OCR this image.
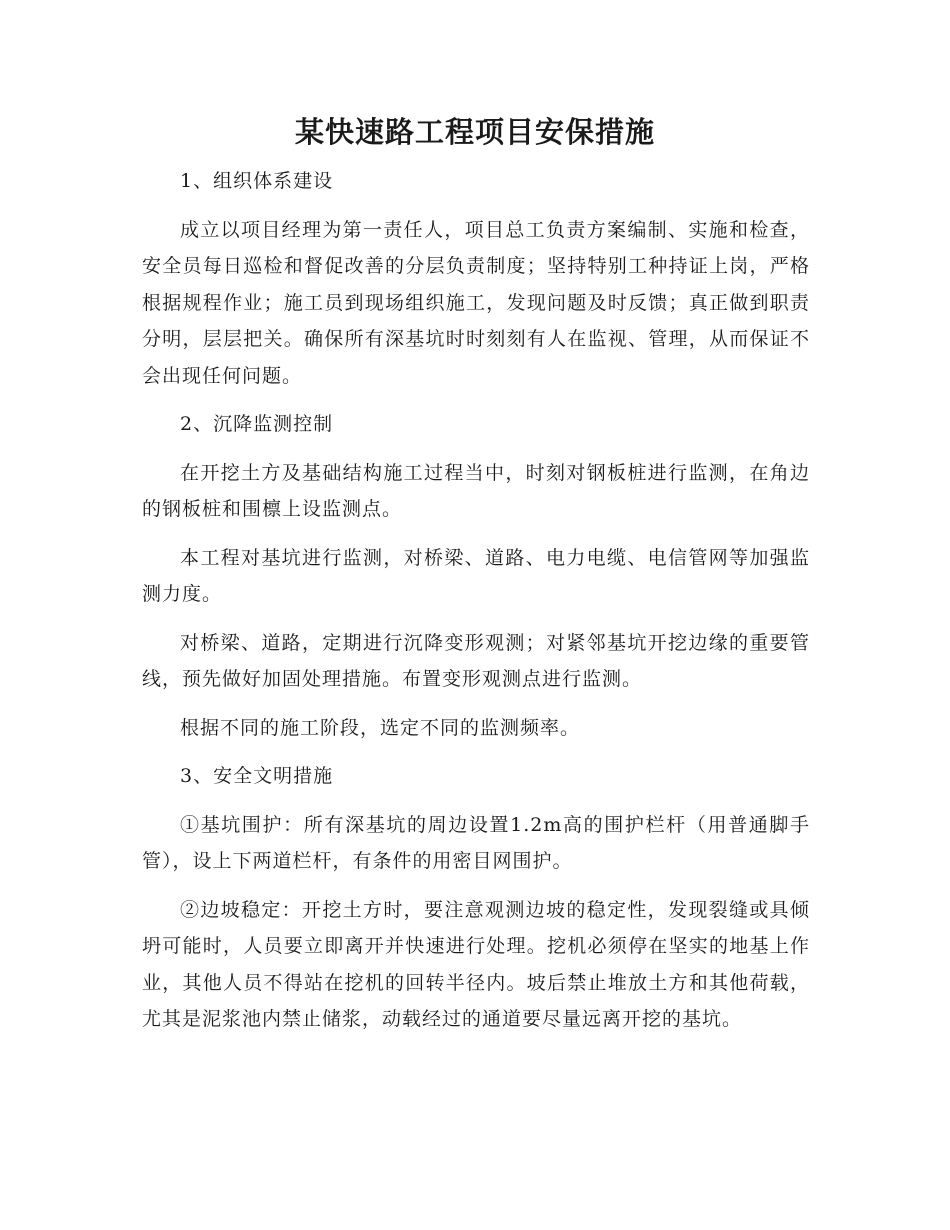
某快速路工程项目安保措施

1、组织体系建设

成立以项目经理为第一责任人，项目总工负责方案编制、实施和检查，安全员每日巡检和督促改善的分层负责制度；坚持特别工种持证上岗，严格根据规程作业；施工员到现场组织施工，发现问题及时反馈；真正做到职责分明，层层把关。确保所有深基坑时时刻刻有人在监视、管理，从而保证不会出现任何问题。

2、沉降监测控制

在开挖土方及基础结构施工过程当中，时刻对钢板桩进行监测，在角边的钢板桩和围檩上设监测点。

本工程对基坑进行监测，对桥梁、道路、电力电缆、电信管网等加强监测力度。

对桥梁、道路，定期进行沉降变形观测；对紧邻基坑开挖边缘的重要管线，预先做好加固处理措施。布置变形观测点进行监测。

根据不同的施工阶段，选定不同的监测频率。

3、安全文明措施

①基坑围护：所有深基坑的周边设置1.2m高的围护栏杆（用普通脚手管），设上下两道栏杆，有条件的用密目网围护。

②边坡稳定：开挖土方时，要注意观测边坡的稳定性，发现裂缝或具倾坍可能时，人员要立即离开并快速进行处理。挖机必须停在坚实的地基上作业，其他人员不得站在挖机的回转半径内。坡后禁止堆放土方和其他荷载，尤其是泥浆池内禁止储浆，动载经过的通道要尽量远离开挖的基坑。
